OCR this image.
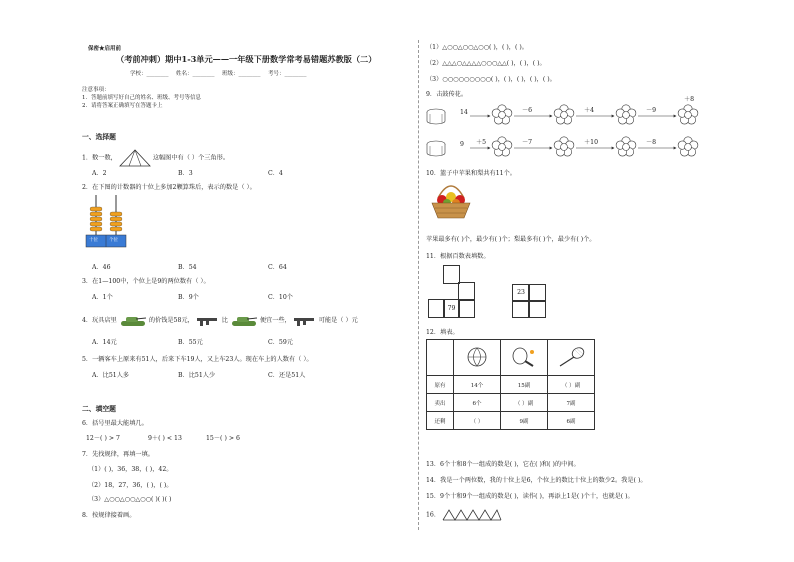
保密★启用前
（考前冲刺）期中1-3单元——一年级下册数学常考易错题苏教版（二）
学校：________ 姓名：________ 班级：________ 考号：________
注意事项：
1．答题前填写好自己的姓名、班级、考号等信息
2．请将答案正确填写在答题卡上
一、选择题
1．数一数，	这幅图中有（ ）个三角形。
A．2	B．3	C．4
2．在下图的计数器的十位上多加2颗算珠后，表示的数是（ ）。
十位 个位
A．46	B．54	C．64
3．在1—100中，个位上是9的两位数有（ ）。
A．1个	B．9个	C．10个
4．玩具店里	的价钱是58元，	比	便宜一些，	可能是（ ）元
A．14元	B．55元	C．59元
5．一辆客车上原来有51人，后来下车19人，又上车23人。现在车上的人数有（ ）。
A．比51人多	B．比51人少	C．还是51人
二、填空题
6．括号里最大能填几。
12－( ) > 7	9＋( ) < 13	15－( ) > 6
7．先找规律，再填一填。
（1）( )，36，38，( )，42。
（2）18，27，36，( )，( )。
（3）△○○△○○△○○( )( )( )
8．按规律接着画。
（1）△○○△○○△○○( )，( )，( )。
（2）△△△○△△△△○○○△△( )，( )，( )。
（3）○○○○○○○○○( )，( )，( )，( )，( )。
9．击鼓传花。
14	－6	＋4	－9
＋8
9 ＋5	－7	＋10	－8
10．篮子中苹果和梨共有11个。
苹果最多有( )个，最少有( )个；梨最多有( )个，最少有( )个。
11．根据百数表填数。
79
23
12．填表。

原有	14个	15副	（ ）副
卖出	6个	（ ）副	7副
还剩	（ ）	9副	6副
13．6个十和8个一组成的数是( )，它在( )和( )的中间。
14．我是一个两位数，我的十位上是6，个位上的数比十位上的数少2。我是( )。
15．9个十和9个一组成的数是( )，读作( )，再添上1是( )个十，也就是( )。
16．
